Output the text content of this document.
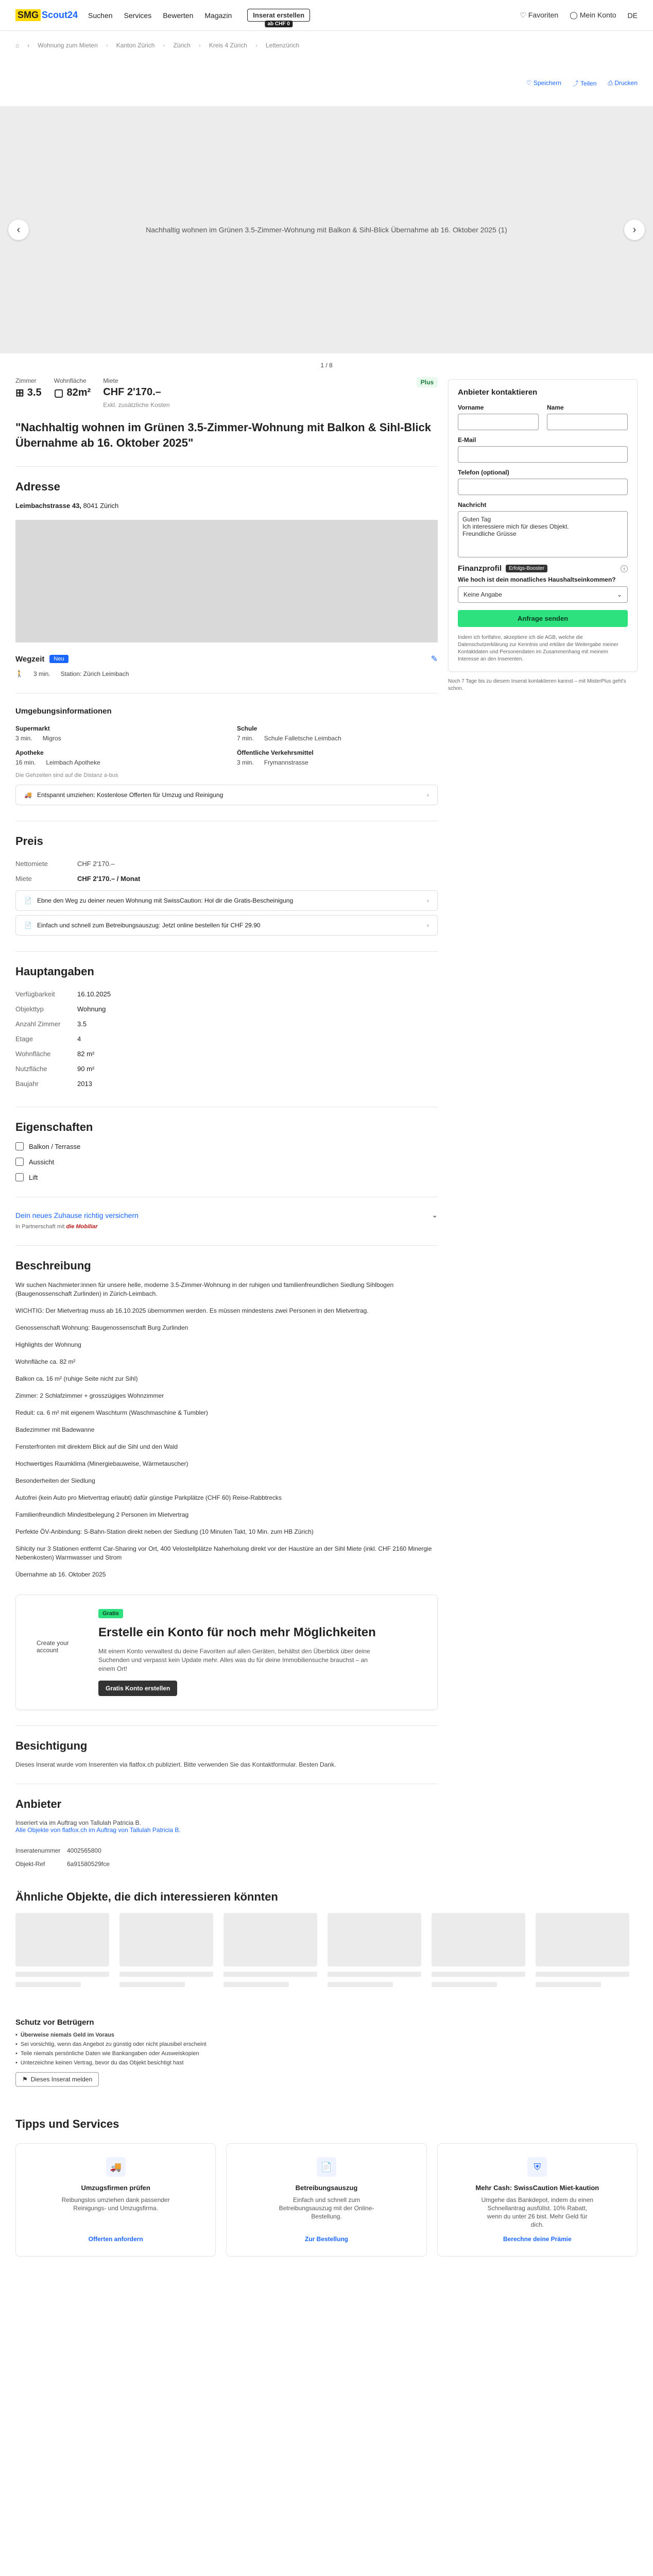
SMG Scout24 Suchen Services Bewerten Magazin	Inserat erstellen
ab CHF 0
♡ Favoriten ◯ Mein Konto DE
⌂ ‹ Wohnung zum Mieten › Kanton Zürich › Zürich › Kreis 4 Zürich › Lettenzürich
♡ Speichern ⤴ Teilen ⎙ Drucken
‹	Nachhaltig wohnen im Grünen 3.5-Zimmer-Wohnung mit Balkon & Sihl-Blick Übernahme ab 16. Oktober 2025 (1)	›
1 / 8
Zimmer
⊞ 3.5
Wohnfläche
▢ 82m²
Miete
CHF 2'170.–
Exkl. zusätzliche Kosten
Plus
"Nachhaltig wohnen im Grünen 3.5-Zimmer-Wohnung mit Balkon & Sihl-Blick Übernahme ab 16. Oktober 2025"
Adresse
Leimbachstrasse 43, 8041 Zürich
Wegzeit	Neu	✎
🚶 3 min. Station: Zürich Leimbach
Umgebungsinformationen
Supermarkt
3 min. Migros
Schule
7 min. Schule Falletsche Leimbach
Apotheke
16 min. Leimbach Apotheke
Öffentliche Verkehrsmittel
3 min. Frymannstrasse
Die Gehzeiten sind auf die Distanz a-bus
🚚 Entspannt umziehen: Kostenlose Offerten für Umzug und Reinigung	›
Preis
Nettomiete	CHF 2'170.–
Miete	CHF 2'170.– / Monat
📄 Ebne den Weg zu deiner neuen Wohnung mit SwissCaution: Hol dir die Gratis-Bescheinigung	›
📄 Einfach und schnell zum Betreibungsauszug: Jetzt online bestellen für CHF 29.90	›
Hauptangaben
Verfügbarkeit	16.10.2025
Objekttyp	Wohnung
Anzahl Zimmer	3.5
Etage	4
Wohnfläche	82 m²
Nutzfläche	90 m²
Baujahr	2013
Eigenschaften
Balkon / Terrasse
Aussicht
Lift
Dein neues Zuhause richtig versichern	⌄
In Partnerschaft mit die Mobiliar
Beschreibung

Wir suchen Nachmieter:innen für unsere helle, moderne 3.5-Zimmer-Wohnung in der ruhigen und familienfreundlichen Siedlung Sihlbogen (Baugenossenschaft Zurlinden) in Zürich-Leimbach.

WICHTIG: Der Mietvertrag muss ab 16.10.2025 übernommen werden. Es müssen mindestens zwei Personen in den Mietvertrag.

Genossenschaft Wohnung: Baugenossenschaft Burg Zurlinden

Highlights der Wohnung

Wohnfläche ca. 82 m²

Balkon ca. 16 m² (ruhige Seite nicht zur Sihl)

Zimmer: 2 Schlafzimmer + grosszügiges Wohnzimmer

Reduit: ca. 6 m² mit eigenem Waschturm (Waschmaschine & Tumbler)

Badezimmer mit Badewanne

Fensterfronten mit direktem Blick auf die Sihl und den Wald

Hochwertiges Raumklima (Minergiebauweise, Wärmetauscher)

Besonderheiten der Siedlung

Autofrei (kein Auto pro Mietvertrag erlaubt) dafür günstige Parkplätze (CHF 60) Reise-Rabbtrecks

Familienfreundlich Mindestbelegung 2 Personen im Mietvertrag

Perfekte ÖV-Anbindung: S-Bahn-Station direkt neben der Siedlung (10 Minuten Takt, 10 Min. zum HB Zürich)

Sihlcity nur 3 Stationen entfernt Car-Sharing vor Ort, 400 Velostellplätze Naherholung direkt vor der Haustüre an der Sihl Miete (inkl. CHF 2160 Minergie Nebenkosten) Warmwasser und Strom

Übernahme ab 16. Oktober 2025

Create your account
Gratis
Erstelle ein Konto für noch mehr Möglichkeiten

Mit einem Konto verwaltest du deine Favoriten auf allen Geräten, behältst den Überblick über deine Suchenden und verpasst kein Update mehr. Alles was du für deine Immobiliensuche brauchst – an einem Ort!

Gratis Konto erstellen
Besichtigung
Dieses Inserat wurde vom Inserenten via flatfox.ch publiziert. Bitte verwenden Sie das Kontaktformular. Besten Dank.
Anbieter
Inseriert via im Auftrag von Tallulah Patricia B.
Alle Objekte von flatfox.ch im Auftrag von Tallulah Patricia B.
Inseratenummer	4002565800
Objekt-Ref	6a91580529fce
Anbieter kontaktieren
Vorname	Name
E-Mail
Telefon (optional)
Nachricht
Guten Tag Ich interessiere mich für dieses Objekt. Freundliche Grüsse
Finanzprofil	Erfolgs-Booster	i
Wie hoch ist dein monatliches Haushaltseinkommen?
Keine Angabe	⌄
Anfrage senden
Indem ich fortfahre, akzeptiere ich die AGB, welche die Datenschutzerklärung zur Kenntnis und erkläre die Weitergabe meiner Kontaktdaten und Personendaten im Zusammenhang mit meinem Interesse an den Inserenten.
Noch 7 Tage bis zu diesem Inserat kontaktieren kannst – mit MisterPlus geht's schon.
Ähnliche Objekte, die dich interessieren könnten
Schutz vor Betrügern
• Überweise niemals Geld im Voraus
• Sei vorsichtig, wenn das Angebot zu günstig oder nicht plausibel erscheint
• Teile niemals persönliche Daten wie Bankangaben oder Ausweiskopien
• Unterzeichne keinen Vertrag, bevor du das Objekt besichtigt hast
⚑ Dieses Inserat melden
Tipps und Services
🚚
Umzugsfirmen prüfen
Reibungslos umziehen dank passender Reinigungs- und Umzugsfirma.
Offerten anfordern
📄
Betreibungsauszug
Einfach und schnell zum Betreibungsauszug mit der Online-Bestellung.
Zur Bestellung
⛨
Mehr Cash: SwissCaution Miet-kaution
Umgehe das Bankdepot, indem du einen Schnellantrag ausfüllst. 10% Rabatt, wenn du unter 26 bist. Mehr Geld für dich.
Berechne deine Prämie
